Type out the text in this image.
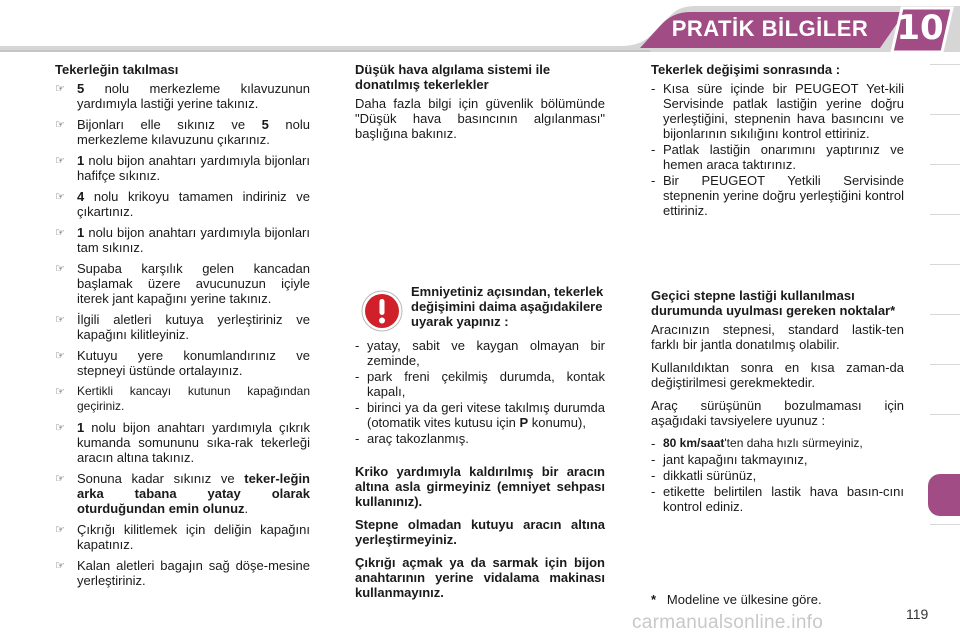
PRATİK BİLGİLER 10
Tekerleğin takılması
☞ 5 nolu merkezleme kılavuzunun yardımıyla lastiği yerine takınız.
☞ Bijonları elle sıkınız ve 5 nolu merkezleme kılavuzunu çıkarınız.
☞ 1 nolu bijon anahtarı yardımıyla bijonları hafifçe sıkınız.
☞ 4 nolu krikoyu tamamen indiriniz ve çıkartınız.
☞ 1 nolu bijon anahtarı yardımıyla bijonları tam sıkınız.
☞ Supaba karşılık gelen kancadan başlamak üzere avucunuzun içiyle iterek jant kapağını yerine takınız.
☞ İlgili aletleri kutuya yerleştiriniz ve kapağını kilitleyiniz.
☞ Kutuyu yere konumlandırınız ve stepneyi üstünde ortalayınız.
☞	Kertikli kancayı kutunun kapağından geçiriniz.
☞ 1 nolu bijon anahtarı yardımıyla çıkrık kumanda somununu sıka-rak tekerleği aracın altına takınız.
☞ Sonuna kadar sıkınız ve teker-leğin arka tabana yatay olarak oturduğundan emin olunuz.
☞ Çıkrığı kilitlemek için deliğin kapağını kapatınız.
☞ Kalan aletleri bagajın sağ döşe-mesine yerleştiriniz.
Düşük hava algılama sistemi ile donatılmış tekerlekler
Daha fazla bilgi için güvenlik bölümünde "Düşük hava basıncının algılanması" başlığına bakınız.
Emniyetiniz açısından, tekerlek değişimini daima aşağıdakilere uyarak yapınız :
- yatay, sabit ve kaygan olmayan bir zeminde,
- park freni çekilmiş durumda, kontak kapalı,
- birinci ya da geri vitese takılmış durumda (otomatik vites kutusu için P konumu),
- araç takozlanmış.
Kriko yardımıyla kaldırılmış bir aracın altına asla girmeyiniz (emniyet sehpası kullanınız).
Stepne olmadan kutuyu aracın altına yerleştirmeyiniz.
Çıkrığı açmak ya da sarmak için bijon anahtarının yerine vidalama makinası kullanmayınız.
Tekerlek değişimi sonrasında :
- Kısa süre içinde bir PEUGEOT Yet-kili Servisinde patlak lastiğin yerine doğru yerleştiğini, stepnenin hava basıncını ve bijonlarının sıkılığını kontrol ettiriniz.
- Patlak lastiğin onarımını yaptırınız ve hemen araca taktırınız.
- Bir PEUGEOT Yetkili Servisinde stepnenin yerine doğru yerleştiğini kontrol ettiriniz.
Geçici stepne lastiği kullanılması durumunda uyulması gereken noktalar*
Aracınızın stepnesi, standard lastik-ten farklı bir jantla donatılmış olabilir.
Kullanıldıktan sonra en kısa zaman-da değiştirilmesi gerekmektedir.
Araç sürüşünün bozulmaması için aşağıdaki tavsiyelere uyunuz :
- 80 km/saat'ten daha hızlı sürmeyiniz,
- jant kapağını takmayınız,
- dikkatli sürünüz,
- etikette belirtilen lastik hava basın-cını kontrol ediniz.
* Modeline ve ülkesine göre.
carmanualsonline.info	119
